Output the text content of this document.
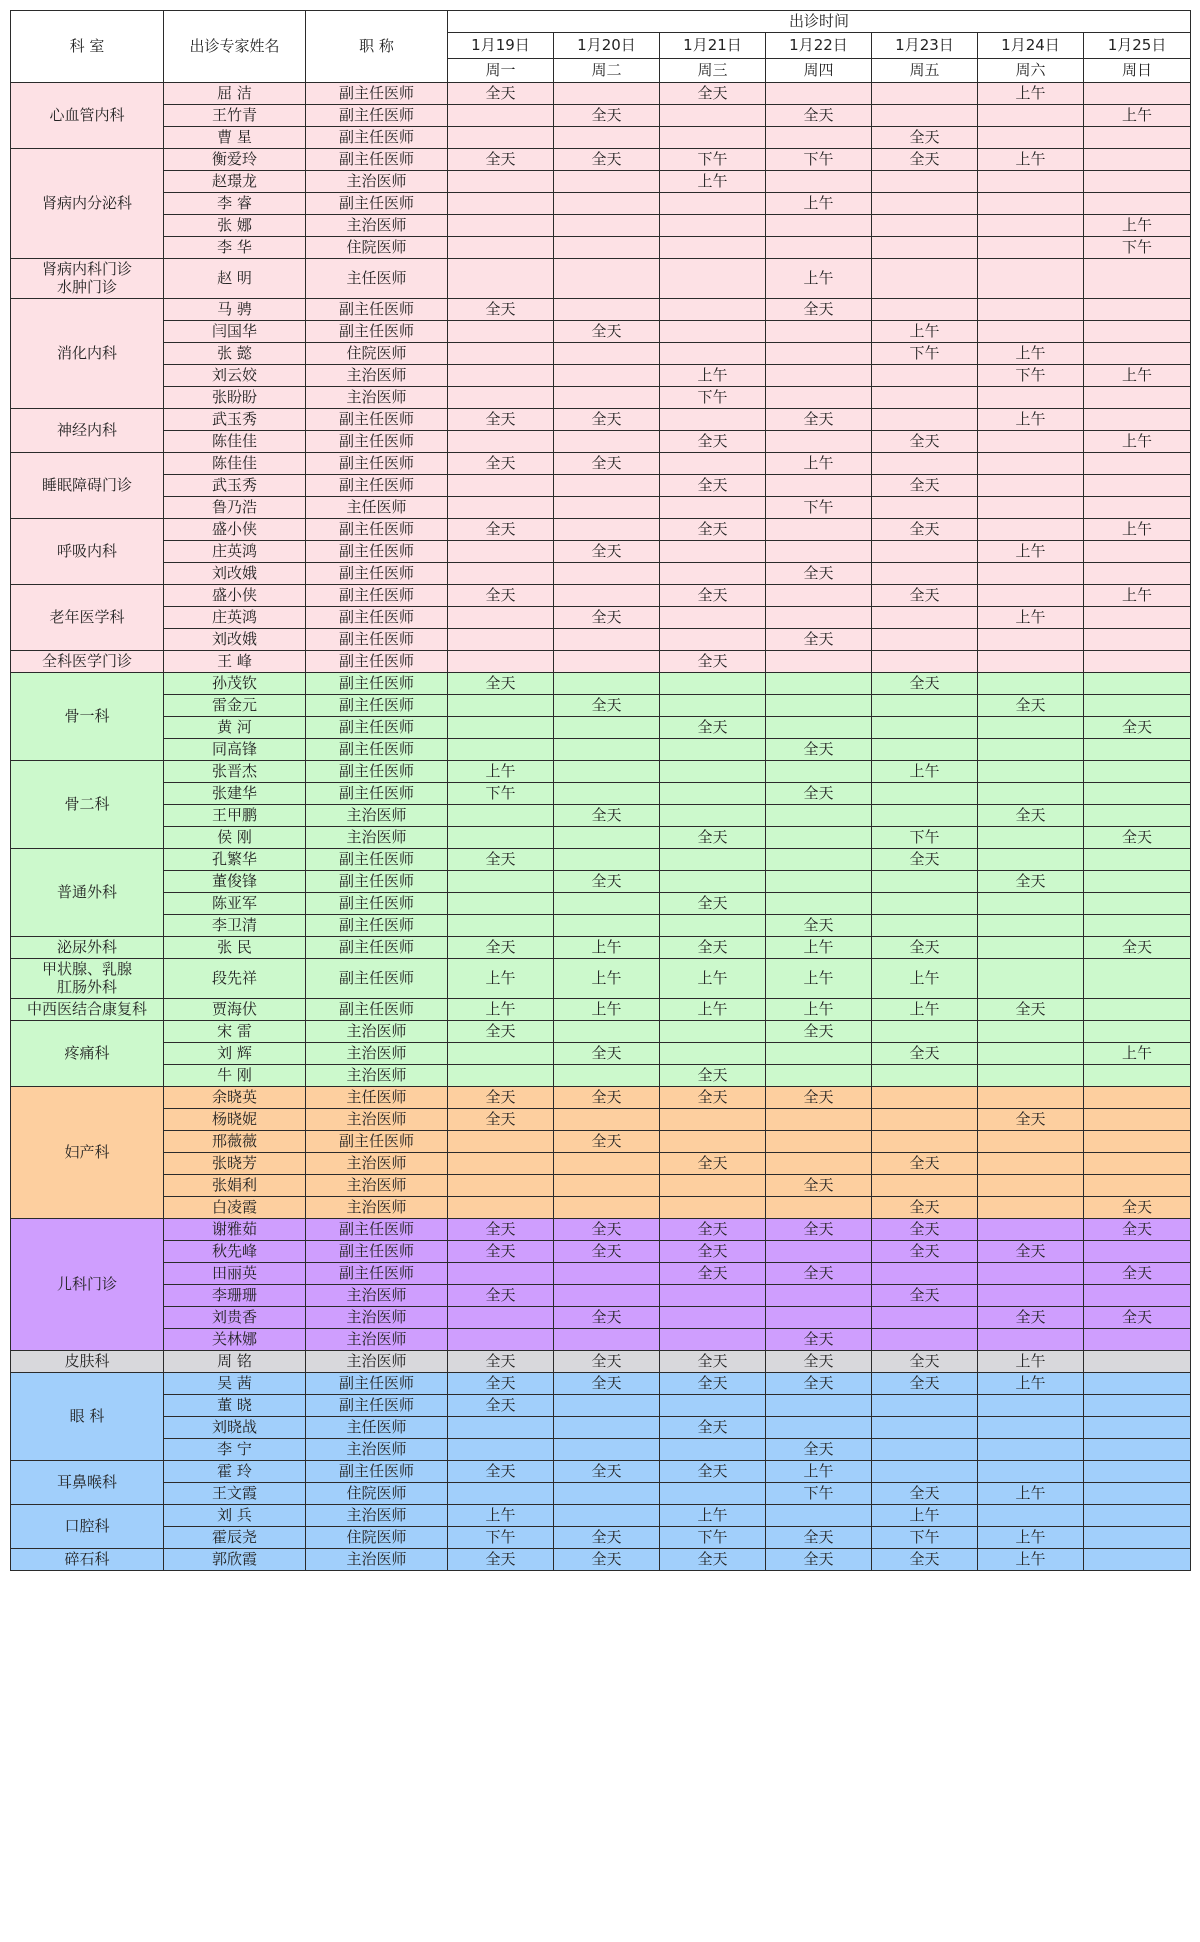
科 室	出诊专家姓名	职 称	出诊时间						
			1月19日	1月20日	1月21日	1月22日	1月23日	1月24日	1月25日
			周一	周二	周三	周四	周五	周六	周日
心血管内科	屈 洁	副主任医师	全天		全天			上午	
	王竹青	副主任医师		全天		全天			上午
	曹 星	副主任医师					全天		
肾病内分泌科	衡爱玲	副主任医师	全天	全天	下午	下午	全天	上午	
	赵璟龙	主治医师			上午				
	李 睿	副主任医师				上午			
	张 娜	主治医师							上午
	李 华	住院医师							下午
肾病内科门诊
水肿门诊	赵 明	主任医师				上午			
消化内科	马 骋	副主任医师	全天			全天			
	闫国华	副主任医师		全天			上午		
	张 懿	住院医师					下午	上午	
	刘云姣	主治医师			上午			下午	上午
	张盼盼	主治医师			下午				
神经内科	武玉秀	副主任医师	全天	全天		全天		上午	
	陈佳佳	副主任医师			全天		全天		上午
睡眠障碍门诊	陈佳佳	副主任医师	全天	全天		上午			
	武玉秀	副主任医师			全天		全天		
	鲁乃浩	主任医师				下午			
呼吸内科	盛小侠	副主任医师	全天		全天		全天		上午
	庄英鸿	副主任医师		全天				上午	
	刘改娥	副主任医师				全天			
老年医学科	盛小侠	副主任医师	全天		全天		全天		上午
	庄英鸿	副主任医师		全天				上午	
	刘改娥	副主任医师				全天			
全科医学门诊	王 峰	副主任医师			全天				
骨一科	孙茂钦	副主任医师	全天				全天		
	雷金元	副主任医师		全天				全天	
	黄 河	副主任医师			全天				全天
	同高锋	副主任医师				全天			
骨二科	张晋杰	副主任医师	上午				上午		
	张建华	副主任医师	下午			全天			
	王甲鹏	主治医师		全天				全天	
	侯 刚	主治医师			全天		下午		全天
普通外科	孔繁华	副主任医师	全天				全天		
	董俊锋	副主任医师		全天				全天	
	陈亚军	副主任医师			全天				
	李卫清	副主任医师				全天			
泌尿外科	张 民	副主任医师	全天	上午	全天	上午	全天		全天
甲状腺、乳腺
肛肠外科	段先祥	副主任医师	上午	上午	上午	上午	上午		
中西医结合康复科	贾海伏	副主任医师	上午	上午	上午	上午	上午	全天	
疼痛科	宋 雷	主治医师	全天			全天			
	刘 辉	主治医师		全天			全天		上午
	牛 刚	主治医师			全天				
妇产科	余晓英	主任医师	全天	全天	全天	全天			
	杨晓妮	主治医师	全天					全天	
	邢薇薇	副主任医师		全天					
	张晓芳	主治医师			全天		全天		
	张娟利	主治医师				全天			
	白凌霞	主治医师					全天		全天
儿科门诊	谢雅茹	副主任医师	全天	全天	全天	全天	全天		全天
	秋先峰	副主任医师	全天	全天	全天		全天	全天	
	田丽英	副主任医师			全天	全天			全天
	李珊珊	主治医师	全天				全天		
	刘贵香	主治医师		全天				全天	全天
	关林娜	主治医师				全天			
皮肤科	周 铭	主治医师	全天	全天	全天	全天	全天	上午	
眼 科	吴 茜	副主任医师	全天	全天	全天	全天	全天	上午	
	董 晓	副主任医师	全天						
	刘晓战	主任医师			全天				
	李 宁	主治医师				全天			
耳鼻喉科	霍 玲	副主任医师	全天	全天	全天	上午			
	王文霞	住院医师				下午	全天	上午	
口腔科	刘 兵	主治医师	上午		上午		上午		
	霍辰尧	住院医师	下午	全天	下午	全天	下午	上午	
碎石科	郭欣霞	主治医师	全天	全天	全天	全天	全天	上午	
